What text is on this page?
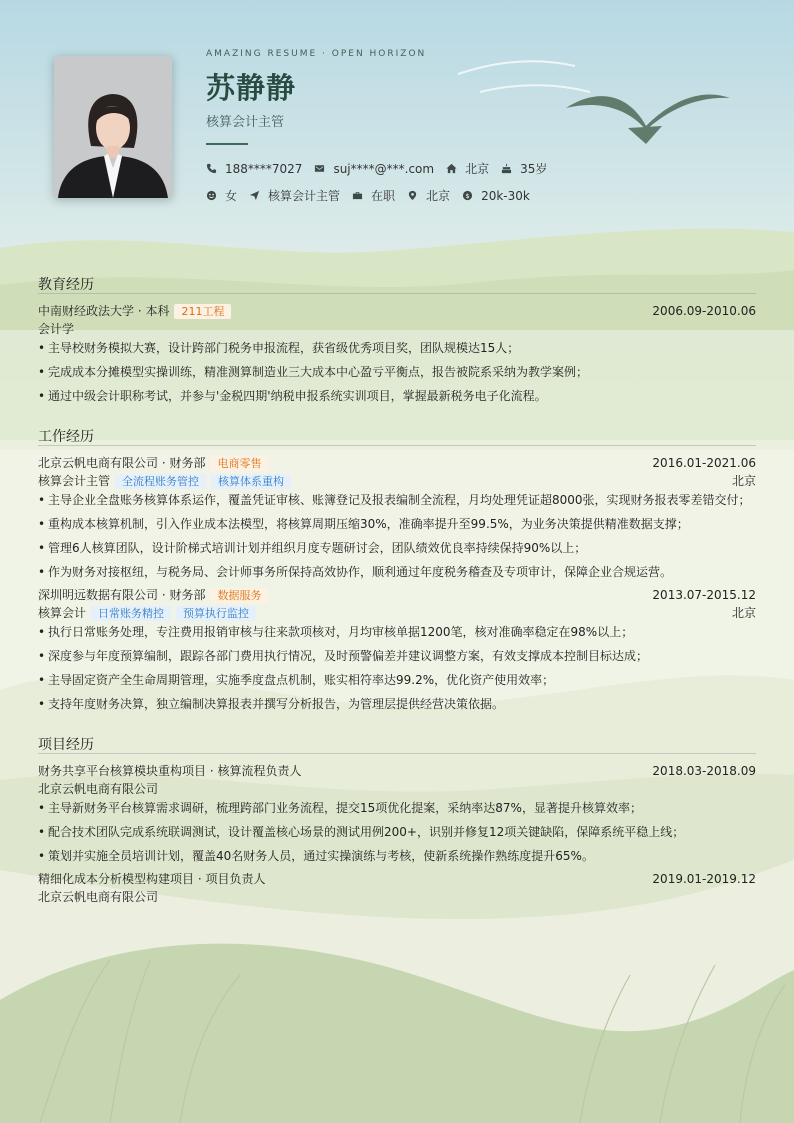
AMAZING RESUME · OPEN HORIZON
苏静静
核算会计主管
188****7027	suj****@***.com	北京	35岁
女	核算会计主管	在职	北京 $ 20k-30k
教育经历
中南财经政法大学 · 本科 211工程	2006.09-2010.06
会计学
• 主导校财务模拟大赛，设计跨部门税务申报流程，获省级优秀项目奖，团队规模达15人；
• 完成成本分摊模型实操训练，精准测算制造业三大成本中心盈亏平衡点，报告被院系采纳为教学案例；
• 通过中级会计职称考试，并参与'金税四期'纳税申报系统实训项目，掌握最新税务电子化流程。
工作经历
北京云帆电商有限公司 · 财务部 电商零售	2016.01-2021.06
核算会计主管 全流程账务管控 核算体系重构	北京
• 主导企业全盘账务核算体系运作，覆盖凭证审核、账簿登记及报表编制全流程，月均处理凭证超8000张，实现财务报表零差错交付；
• 重构成本核算机制，引入作业成本法模型，将核算周期压缩30%，准确率提升至99.5%，为业务决策提供精准数据支撑；
• 管理6人核算团队，设计阶梯式培训计划并组织月度专题研讨会，团队绩效优良率持续保持90%以上；
• 作为财务对接枢纽，与税务局、会计师事务所保持高效协作，顺利通过年度税务稽查及专项审计，保障企业合规运营。
深圳明远数据有限公司 · 财务部 数据服务	2013.07-2015.12
核算会计 日常账务精控 预算执行监控	北京
• 执行日常账务处理，专注费用报销审核与往来款项核对，月均审核单据1200笔，核对准确率稳定在98%以上；
• 深度参与年度预算编制，跟踪各部门费用执行情况，及时预警偏差并建议调整方案，有效支撑成本控制目标达成；
• 主导固定资产全生命周期管理，实施季度盘点机制，账实相符率达99.2%，优化资产使用效率；
• 支持年度财务决算，独立编制决算报表并撰写分析报告，为管理层提供经营决策依据。
项目经历
财务共享平台核算模块重构项目 · 核算流程负责人	2018.03-2018.09
北京云帆电商有限公司
• 主导新财务平台核算需求调研，梳理跨部门业务流程，提交15项优化提案，采纳率达87%，显著提升核算效率；
• 配合技术团队完成系统联调测试，设计覆盖核心场景的测试用例200+，识别并修复12项关键缺陷，保障系统平稳上线；
• 策划并实施全员培训计划，覆盖40名财务人员，通过实操演练与考核，使新系统操作熟练度提升65%。
精细化成本分析模型构建项目 · 项目负责人	2019.01-2019.12
北京云帆电商有限公司
